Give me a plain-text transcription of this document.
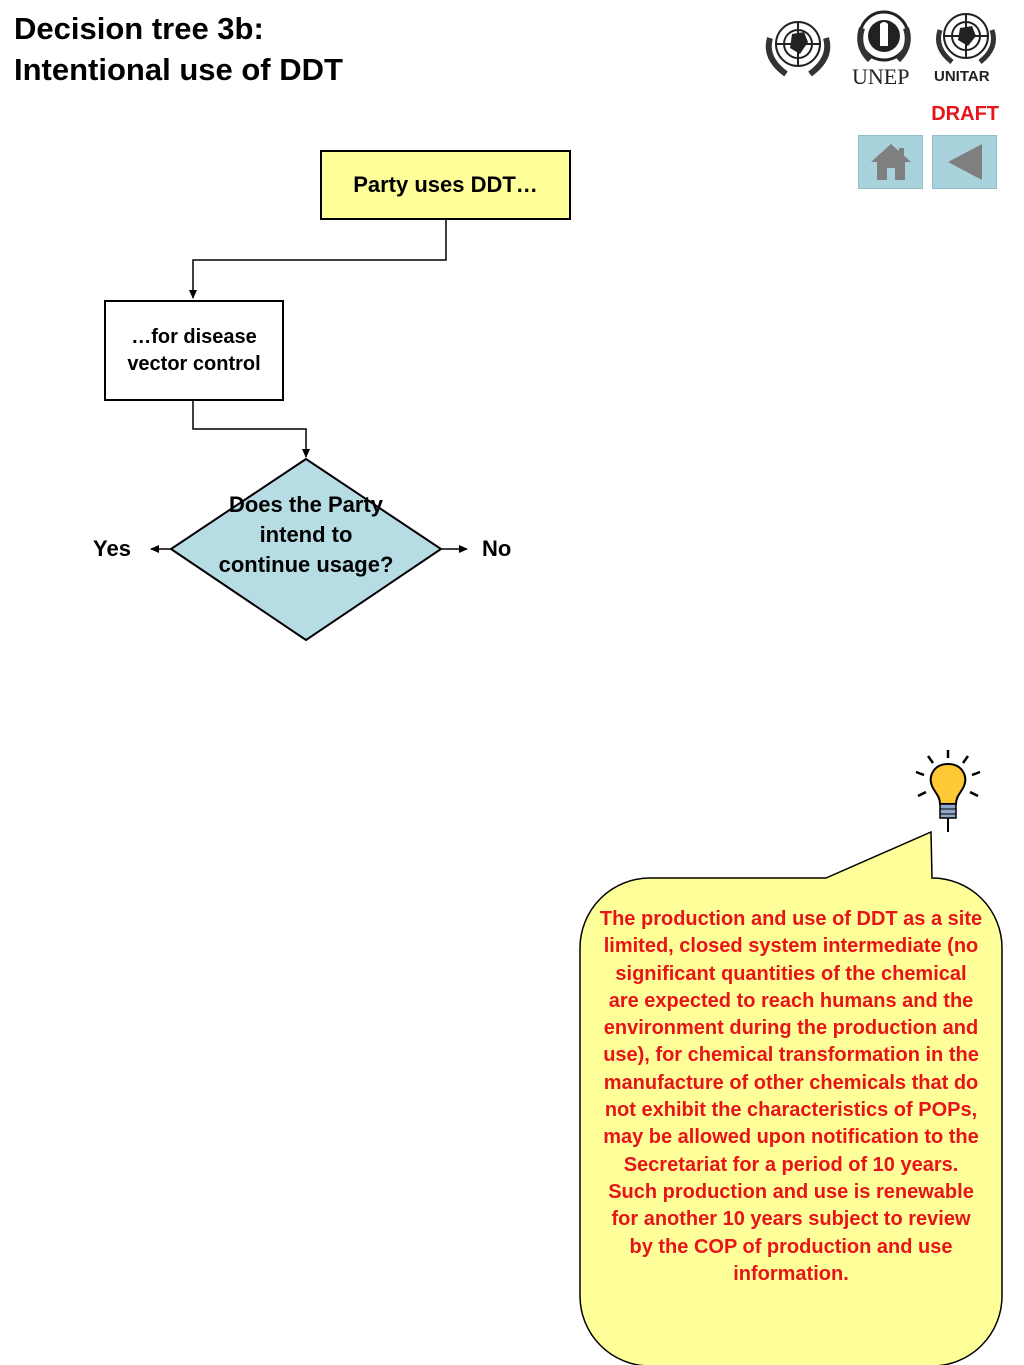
Decision tree 3b:
Intentional use of DDT	UNEP UNITAR
DRAFT
Party uses DDT…
…for disease vector control
Does the Party intend to continue usage?
Yes	No
The production and use of DDT as a site limited, closed system intermediate (no significant quantities of the chemical are expected to reach humans and the environment during the production and use), for chemical transformation in the manufacture of other chemicals that do not exhibit the characteristics of POPs, may be allowed upon notification to the Secretariat for a period of 10 years. Such production and use is renewable for another 10 years subject to review by the COP of production and use information.
